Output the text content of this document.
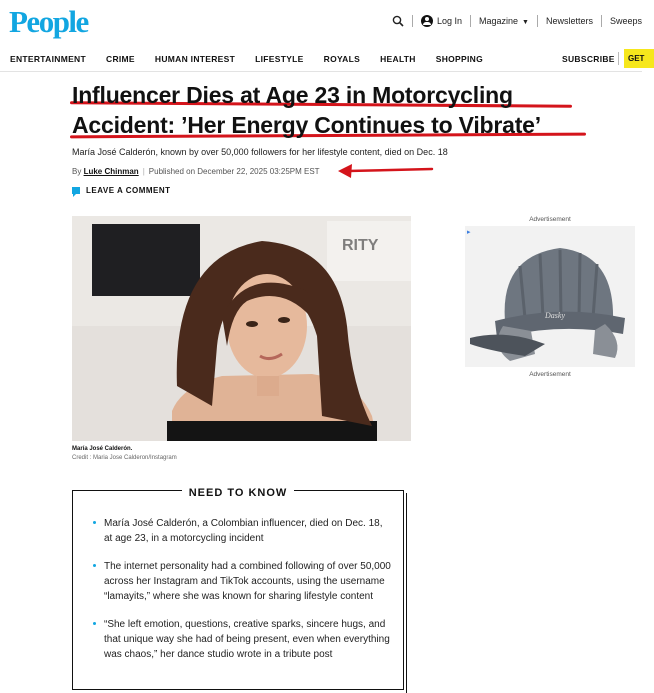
People	Log In Magazine ▼ Newsletters Sweeps
ENTERTAINMENT CRIME HUMAN INTEREST LIFESTYLE ROYALS HEALTH SHOPPING	SUBSCRIBE	GET
Influencer Dies at Age 23 in Motorcycling
Accident: ’Her Energy Continues to Vibrate’
María José Calderón, known by over 50,000 followers for her lifestyle content, died on Dec. 18
By Luke Chinman | Published on December 22, 2025 03:25PM EST
LEAVE A COMMENT
RITY
María José Calderón.
Credit : Maria Jose Calderon/Instagram
Advertisement
▸
Dasky
Advertisement
NEED TO KNOW
María José Calderón, a Colombian influencer, died on Dec. 18, at age 23, in a motorcycling incident
The internet personality had a combined following of over 50,000 across her Instagram and TikTok accounts, using the username “lamayits,” where she was known for sharing lifestyle content
“She left emotion, questions, creative sparks, sincere hugs, and that unique way she had of being present, even when everything was chaos,” her dance studio wrote in a tribute post
